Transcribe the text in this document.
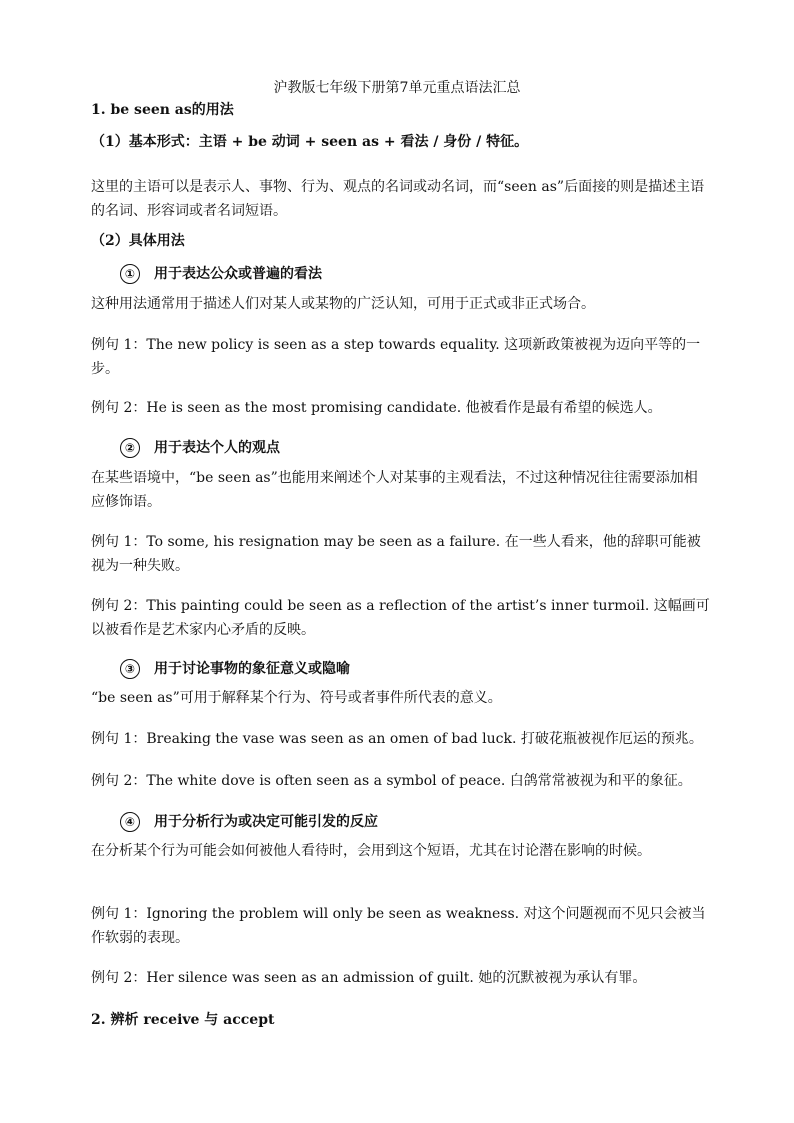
沪教版七年级下册第7单元重点语法汇总
1. be seen as的用法
（1）基本形式：主语 + be 动词 + seen as + 看法 / 身份 / 特征。
这里的主语可以是表示人、事物、行为、观点的名词或动名词，而“seen as”后面接的则是描述主语的名词、形容词或者名词短语。
（2）具体用法
① 用于表达公众或普遍的看法
这种用法通常用于描述人们对某人或某物的广泛认知，可用于正式或非正式场合。
例句 1：The new policy is seen as a step towards equality. 这项新政策被视为迈向平等的一步。
例句 2：He is seen as the most promising candidate. 他被看作是最有希望的候选人。
② 用于表达个人的观点
在某些语境中，“be seen as”也能用来阐述个人对某事的主观看法，不过这种情况往往需要添加相应修饰语。
例句 1：To some, his resignation may be seen as a failure. 在一些人看来，他的辞职可能被视为一种失败。
例句 2：This painting could be seen as a reflection of the artist’s inner turmoil. 这幅画可以被看作是艺术家内心矛盾的反映。
③ 用于讨论事物的象征意义或隐喻
“be seen as”可用于解释某个行为、符号或者事件所代表的意义。
例句 1：Breaking the vase was seen as an omen of bad luck. 打破花瓶被视作厄运的预兆。
例句 2：The white dove is often seen as a symbol of peace. 白鸽常常被视为和平的象征。
④ 用于分析行为或决定可能引发的反应
在分析某个行为可能会如何被他人看待时，会用到这个短语，尤其在讨论潜在影响的时候。
例句 1：Ignoring the problem will only be seen as weakness. 对这个问题视而不见只会被当作软弱的表现。
例句 2：Her silence was seen as an admission of guilt. 她的沉默被视为承认有罪。
2. 辨析 receive 与 accept
